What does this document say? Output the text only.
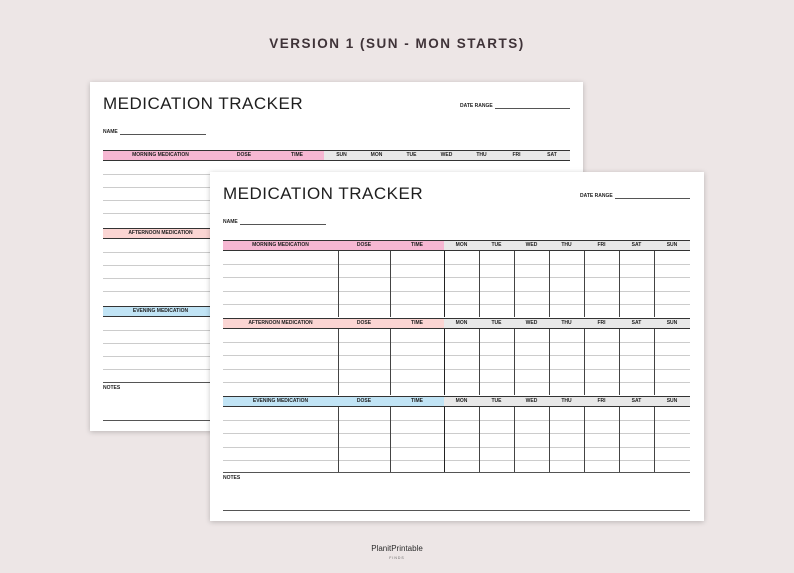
VERSION 1 (SUN - MON STARTS)
MEDICATION TRACKER	DATE RANGE
NAME
MORNING MEDICATION	DOSE	TIME	SUN	MON	TUE	WED	THU	FRI	SAT
AFTERNOON MEDICATION
EVENING MEDICATION
NOTES
MEDICATION TRACKER	DATE RANGE
NAME
MORNING MEDICATION	DOSE	TIME	MON	TUE	WED	THU	FRI	SAT	SUN
AFTERNOON MEDICATION	DOSE	TIME	MON	TUE	WED	THU	FRI	SAT	SUN
EVENING MEDICATION	DOSE	TIME	MON	TUE	WED	THU	FRI	SAT	SUN
NOTES
PlanitPrintable
FINDS
